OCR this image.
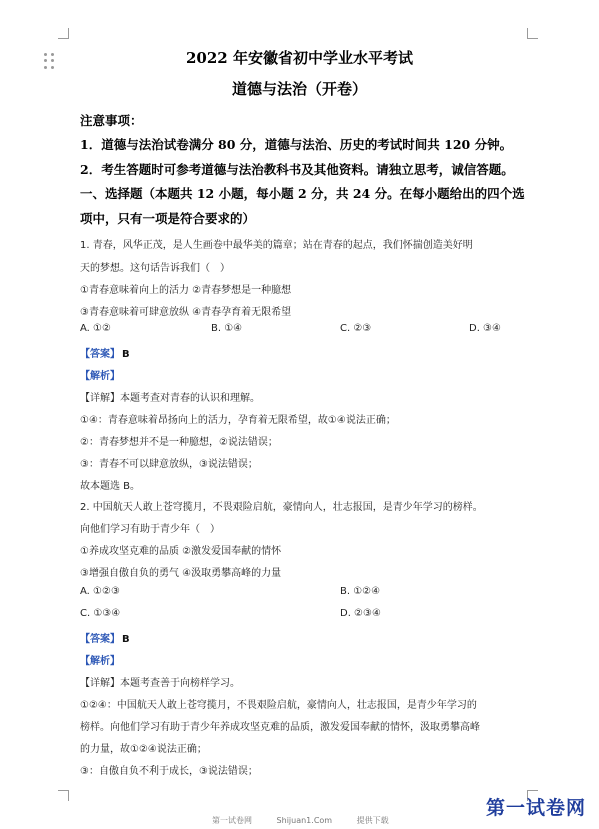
2022 年安徽省初中学业水平考试
道德与法治（开卷）
注意事项：
1．道德与法治试卷满分 80 分，道德与法治、历史的考试时间共 120 分钟。
2．考生答题时可参考道德与法治教科书及其他资料。请独立思考，诚信答题。
一、选择题（本题共 12 小题，每小题 2 分，共 24 分。在每小题给出的四个选
项中，只有一项是符合要求的）
1. 青春，风华正茂，是人生画卷中最华美的篇章；站在青春的起点，我们怀揣创造美好明
天的梦想。这句话告诉我们（　）
①青春意味着向上的活力 ②青春梦想是一种臆想
③青春意味着可肆意放纵 ④青春孕育着无限希望
A. ①②	B. ①④	C. ②③	D. ③④
【答案】 B
【解析】
【详解】本题考查对青春的认识和理解。
①④：青春意味着昂扬向上的活力，孕育着无限希望，故①④说法正确；
②：青春梦想并不是一种臆想，②说法错误；
③：青春不可以肆意放纵，③说法错误；
故本题选 B。
2. 中国航天人敢上苍穹揽月，不畏艰险启航，豪情向人，壮志报国，是青少年学习的榜样。
向他们学习有助于青少年（　）
①养成攻坚克难的品质 ②激发爱国奉献的情怀
③增强自傲自负的勇气 ④汲取勇攀高峰的力量
A. ①②③	B. ①②④
C. ①③④	D. ②③④
【答案】 B
【解析】
【详解】本题考查善于向榜样学习。
①②④：中国航天人敢上苍穹揽月，不畏艰险启航，豪情向人，壮志报国，是青少年学习的
榜样。向他们学习有助于青少年养成攻坚克难的品质，激发爱国奉献的情怀，汲取勇攀高峰
的力量，故①②④说法正确；
③：自傲自负不利于成长，③说法错误；
第一试卷网	Shijuan1.Com	提供下载
第一试卷网
